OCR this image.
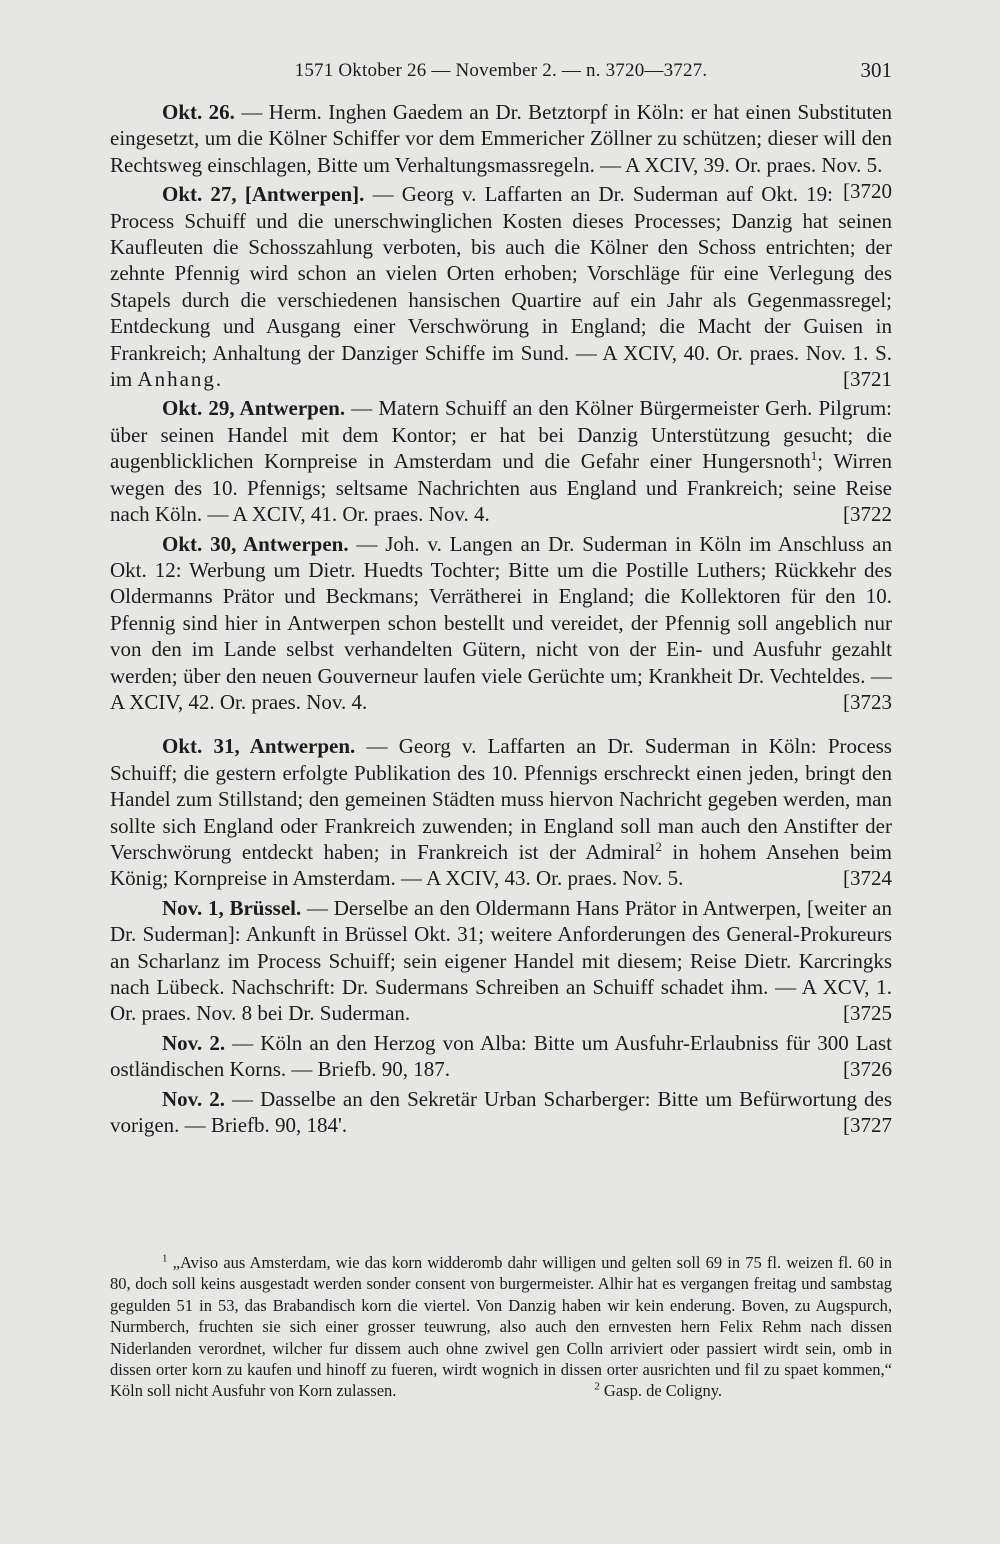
1571 Oktober 26 — November 2. — n. 3720—3727.	301

Okt. 26. — Herm. Inghen Gaedem an Dr. Betztorpf in Köln: er hat einen Substituten eingesetzt, um die Kölner Schiffer vor dem Emmericher Zöllner zu schützen; dieser will den Rechtsweg einschlagen, Bitte um Verhaltungsmassregeln. — A XCIV, 39. Or. praes. Nov. 5.
[3720

Okt. 27, [Antwerpen]. — Georg v. Laffarten an Dr. Suderman auf Okt. 19: Process Schuiff und die unerschwinglichen Kosten dieses Processes; Danzig hat seinen Kaufleuten die Schosszahlung verboten, bis auch die Kölner den Schoss entrichten; der zehnte Pfennig wird schon an vielen Orten erhoben; Vorschläge für eine Verlegung des Stapels durch die verschiedenen hansischen Quartire auf ein Jahr als Gegenmassregel; Entdeckung und Ausgang einer Verschwörung in England; die Macht der Guisen in Frankreich; Anhaltung der Danziger Schiffe im Sund. — A XCIV, 40. Or. praes. Nov. 1. S. im Anhang.	[3721

Okt. 29, Antwerpen. — Matern Schuiff an den Kölner Bürgermeister Gerh. Pilgrum: über seinen Handel mit dem Kontor; er hat bei Danzig Unterstützung gesucht; die augenblicklichen Kornpreise in Amsterdam und die Gefahr einer Hungersnoth$^1$; Wirren wegen des 10. Pfennigs; seltsame Nachrichten aus England und Frankreich; seine Reise nach Köln. — A XCIV, 41. Or. praes. Nov. 4.	[3722

Okt. 30, Antwerpen. — Joh. v. Langen an Dr. Suderman in Köln im Anschluss an Okt. 12: Werbung um Dietr. Huedts Tochter; Bitte um die Postille Luthers; Rückkehr des Oldermanns Prätor und Beckmans; Verrätherei in England; die Kollektoren für den 10. Pfennig sind hier in Antwerpen schon bestellt und vereidet, der Pfennig soll angeblich nur von den im Lande selbst verhandelten Gütern, nicht von der Ein- und Ausfuhr gezahlt werden; über den neuen Gouverneur laufen viele Gerüchte um; Krankheit Dr. Vechteldes. — A XCIV, 42. Or. praes. Nov. 4.	[3723

Okt. 31, Antwerpen. — Georg v. Laffarten an Dr. Suderman in Köln: Process Schuiff; die gestern erfolgte Publikation des 10. Pfennigs erschreckt einen jeden, bringt den Handel zum Stillstand; den gemeinen Städten muss hiervon Nachricht gegeben werden, man sollte sich England oder Frankreich zuwenden; in England soll man auch den Anstifter der Verschwörung entdeckt haben; in Frankreich ist der Admiral$^2$ in hohem Ansehen beim König; Kornpreise in Amsterdam. — A XCIV, 43. Or. praes. Nov. 5.	[3724

Nov. 1, Brüssel. — Derselbe an den Oldermann Hans Prätor in Antwerpen, [weiter an Dr. Suderman]: Ankunft in Brüssel Okt. 31; weitere Anforderungen des General-Prokureurs an Scharlanz im Process Schuiff; sein eigener Handel mit diesem; Reise Dietr. Karcringks nach Lübeck. Nachschrift: Dr. Sudermans Schreiben an Schuiff schadet ihm. — A XCV, 1. Or. praes. Nov. 8 bei Dr. Suderman.	[3725

Nov. 2. — Köln an den Herzog von Alba: Bitte um Ausfuhr-Erlaubniss für 300 Last ostländischen Korns. — Briefb. 90, 187.	[3726

Nov. 2. — Dasselbe an den Sekretär Urban Scharberger: Bitte um Befürwortung des vorigen. — Briefb. 90, 184'.	[3727

$^1$ „Aviso aus Amsterdam, wie das korn widderomb dahr willigen und gelten soll 69 in 75 fl. weizen fl. 60 in 80, doch soll keins ausgestadt werden sonder consent von burgermeister. Alhir hat es vergangen freitag und sambstag gegulden 51 in 53, das Brabandisch korn die viertel. Von Danzig haben wir kein enderung. Boven, zu Augspurch, Nurmberch, fruchten sie sich einer grosser teuwrung, also auch den ernvesten hern Felix Rehm nach dissen Niderlanden verordnet, wilcher fur dissem auch ohne zwivel gen Colln arriviert oder passiert wirdt sein, omb in dissen orter korn zu kaufen und hinoff zu fueren, wirdt wognich in dissen orter ausrichten und fil zu spaet kommen,“ Köln soll nicht Ausfuhr von Korn zulassen.	$^2$ Gasp. de Coligny.
